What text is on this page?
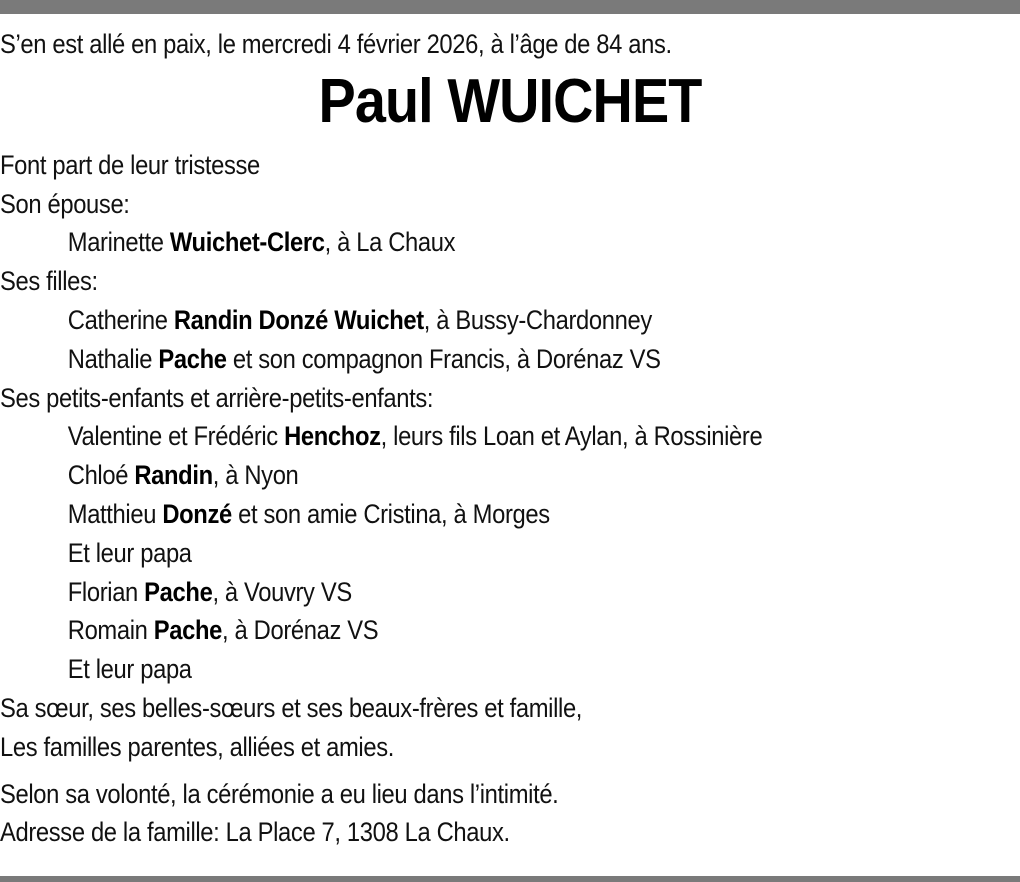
S’en est allé en paix, le mercredi 4 février 2026, à l’âge de 84 ans.
Paul WUICHET
Font part de leur tristesse
Son épouse:
Marinette Wuichet-Clerc, à La Chaux
Ses filles:
Catherine Randin Donzé Wuichet, à Bussy-Chardonney
Nathalie Pache et son compagnon Francis, à Dorénaz VS
Ses petits-enfants et arrière-petits-enfants:
Valentine et Frédéric Henchoz, leurs fils Loan et Aylan, à Rossinière
Chloé Randin, à Nyon
Matthieu Donzé et son amie Cristina, à Morges
Et leur papa
Florian Pache, à Vouvry VS
Romain Pache, à Dorénaz VS
Et leur papa
Sa sœur, ses belles-sœurs et ses beaux-frères et famille,
Les familles parentes, alliées et amies.
Selon sa volonté, la cérémonie a eu lieu dans l’intimité.
Adresse de la famille: La Place 7, 1308 La Chaux.
